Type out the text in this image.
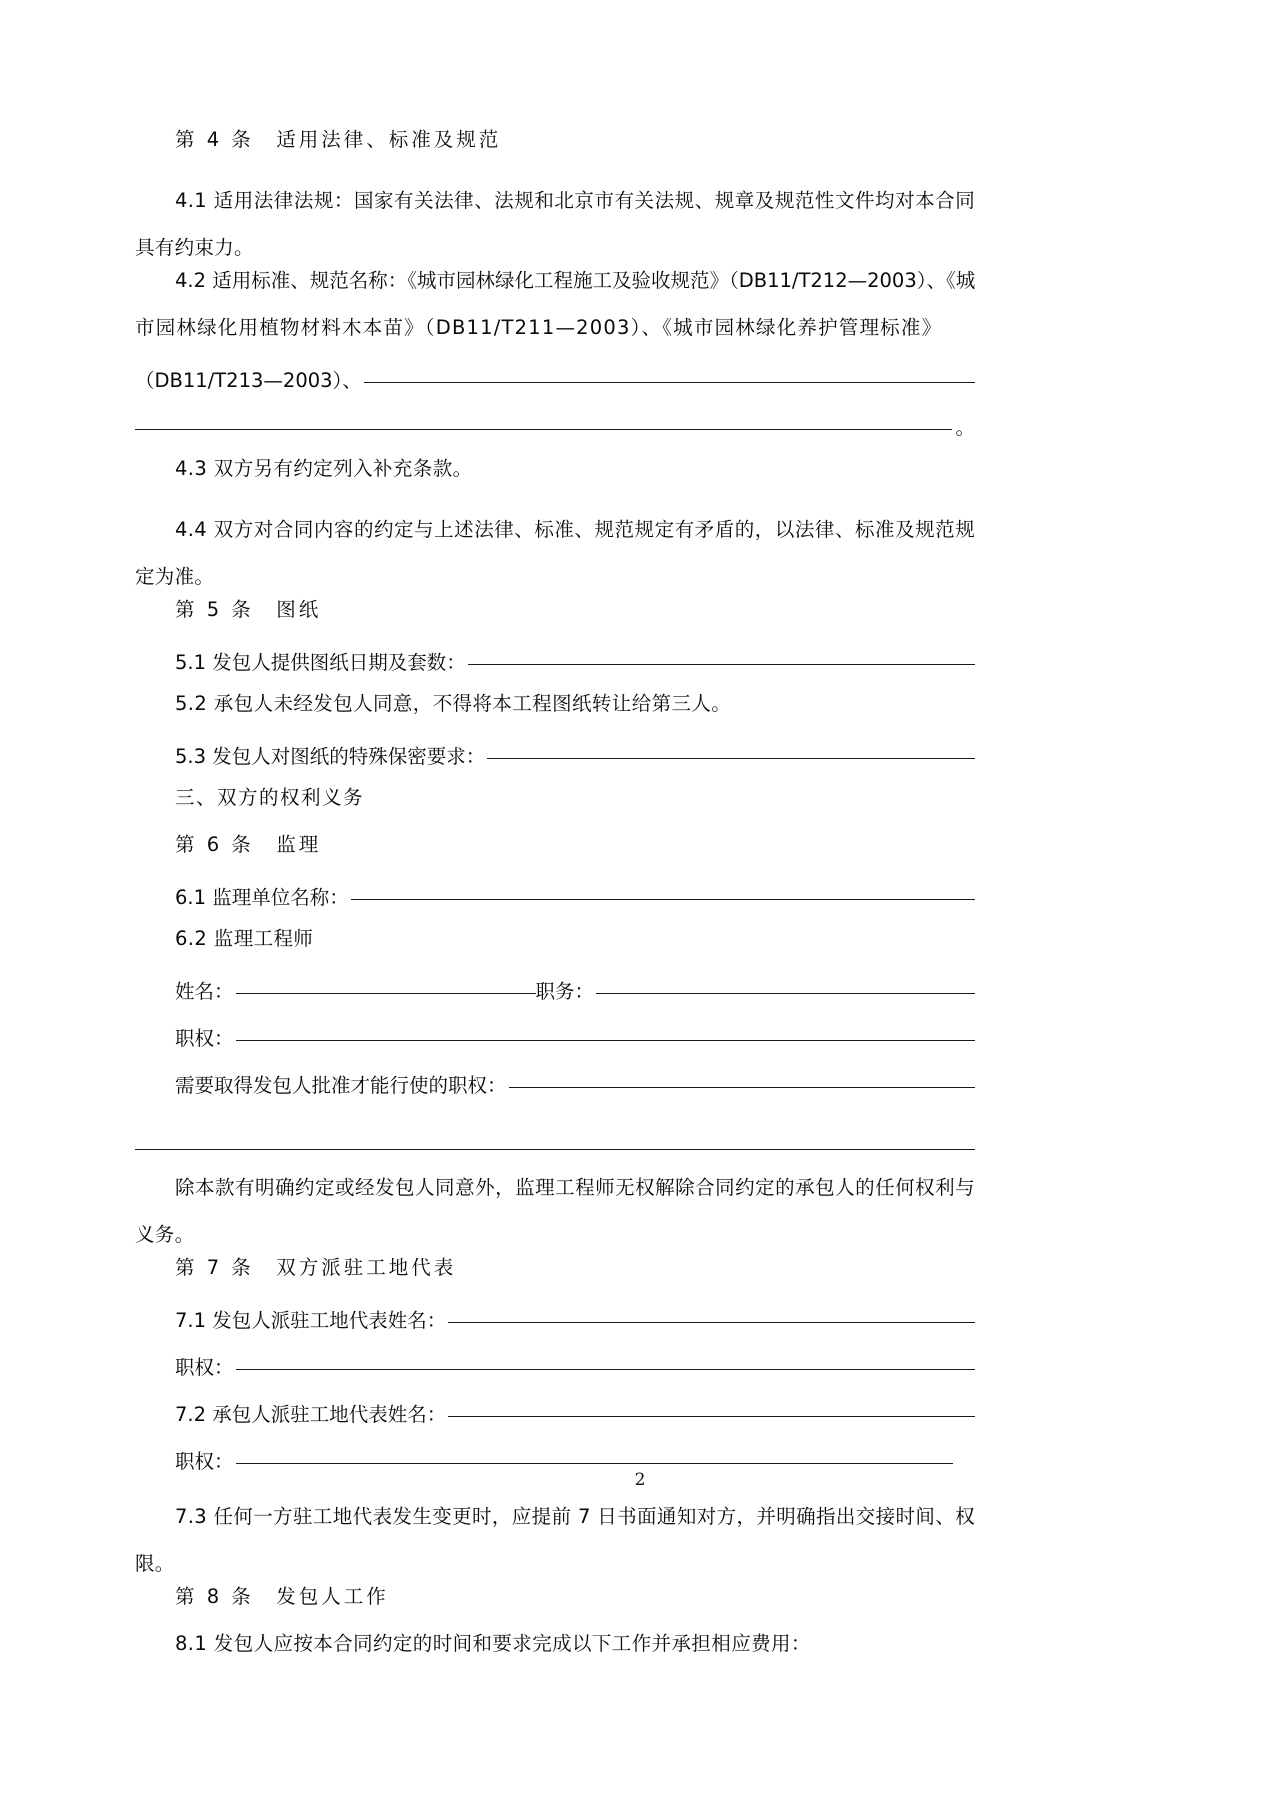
第 4 条　适用法律、标准及规范
4.1 适用法律法规：国家有关法律、法规和北京市有关法规、规章及规范性文件均对本合同具有约束力。
4.2 适用标准、规范名称：《城市园林绿化工程施工及验收规范》（DB11/T212—2003）、《城
市园林绿化用植物材料木本苗》（DB11/T211—2003）、《城市园林绿化养护管理标准》
（DB11/T213—2003）、
。
4.3 双方另有约定列入补充条款。
4.4 双方对合同内容的约定与上述法律、标准、规范规定有矛盾的，以法律、标准及规范规定为准。
第 5 条　图纸
5.1 发包人提供图纸日期及套数：
5.2 承包人未经发包人同意，不得将本工程图纸转让给第三人。
5.3 发包人对图纸的特殊保密要求：
三、双方的权利义务
第 6 条　监理
6.1 监理单位名称：
6.2 监理工程师
姓名：	职务：
职权：
需要取得发包人批准才能行使的职权：
除本款有明确约定或经发包人同意外，监理工程师无权解除合同约定的承包人的任何权利与义务。
第 7 条　双方派驻工地代表
7.1 发包人派驻工地代表姓名：
职权：
7.2 承包人派驻工地代表姓名：
职权：
7.3 任何一方驻工地代表发生变更时，应提前 7 日书面通知对方，并明确指出交接时间、权限。
第 8 条　发包人工作
8.1 发包人应按本合同约定的时间和要求完成以下工作并承担相应费用：
2
